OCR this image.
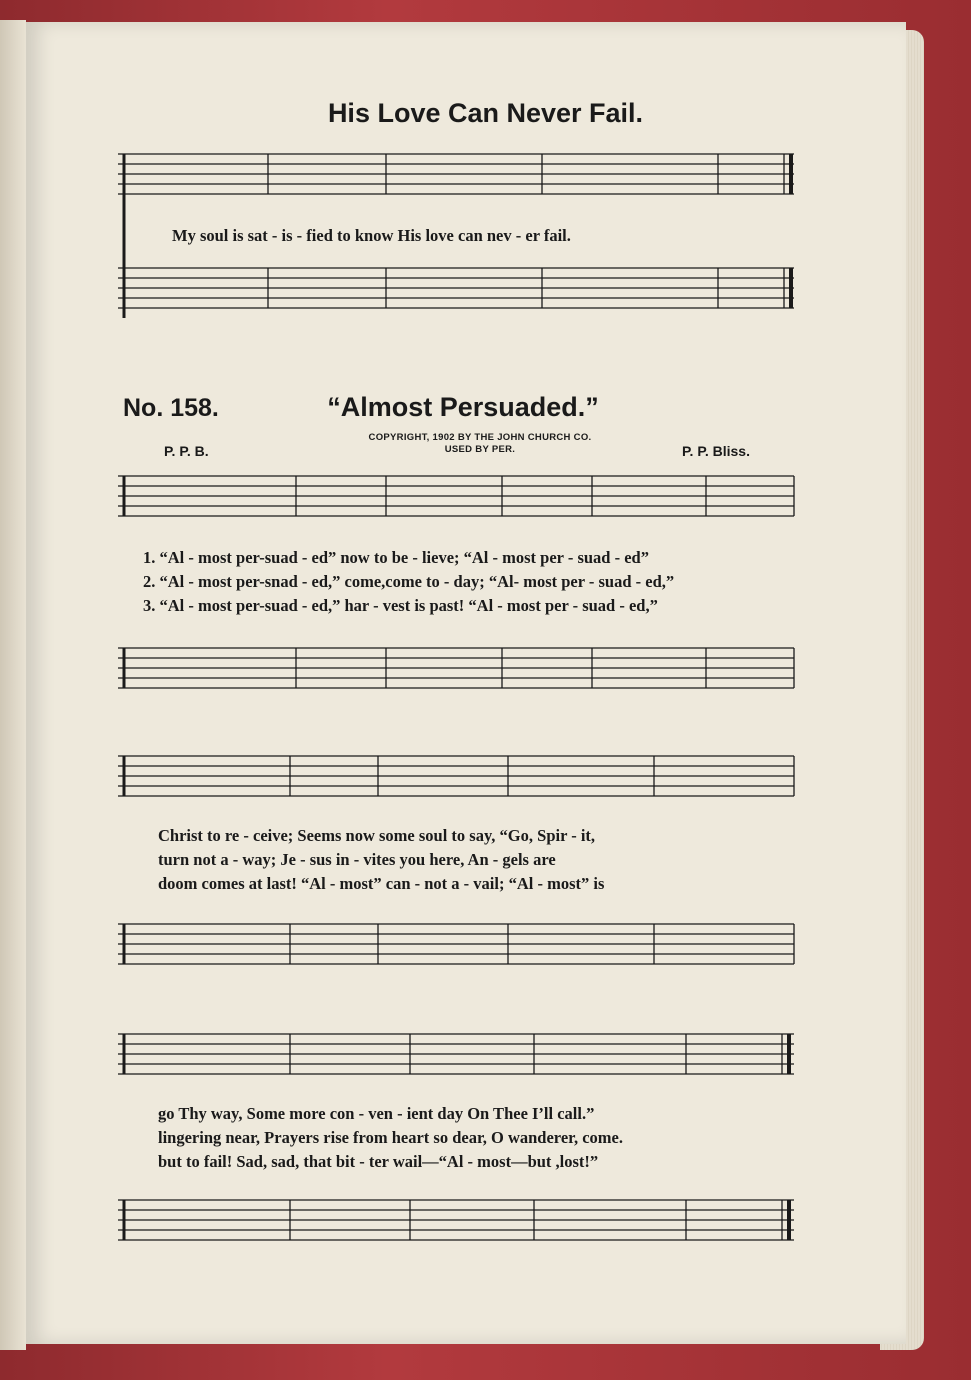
His Love Can Never Fail.
My soul is sat - is - fied to know His love can nev - er fail.
No. 158.	“Almost Persuaded.”
COPYRIGHT, 1902 BY THE JOHN CHURCH CO.
USED BY PER.
P. P. B.	P. P. Bliss.
1. “Al - most per-suad - ed” now to be - lieve; “Al - most per - suad - ed”
2. “Al - most per-snad - ed,” come,come to - day; “Al- most per - suad - ed,”
3. “Al - most per-suad - ed,” har - vest is past! “Al - most per - suad - ed,”
Christ to re - ceive; Seems now some soul to say, “Go, Spir - it,
turn not a - way; Je - sus in - vites you here, An - gels are
doom comes at last! “Al - most” can - not a - vail; “Al - most” is
go Thy way, Some more con - ven - ient day On Thee I’ll call.”
lingering near, Prayers rise from heart so dear, O wanderer, come.
but to fail! Sad, sad, that bit - ter wail—“Al - most—but ,lost!”
